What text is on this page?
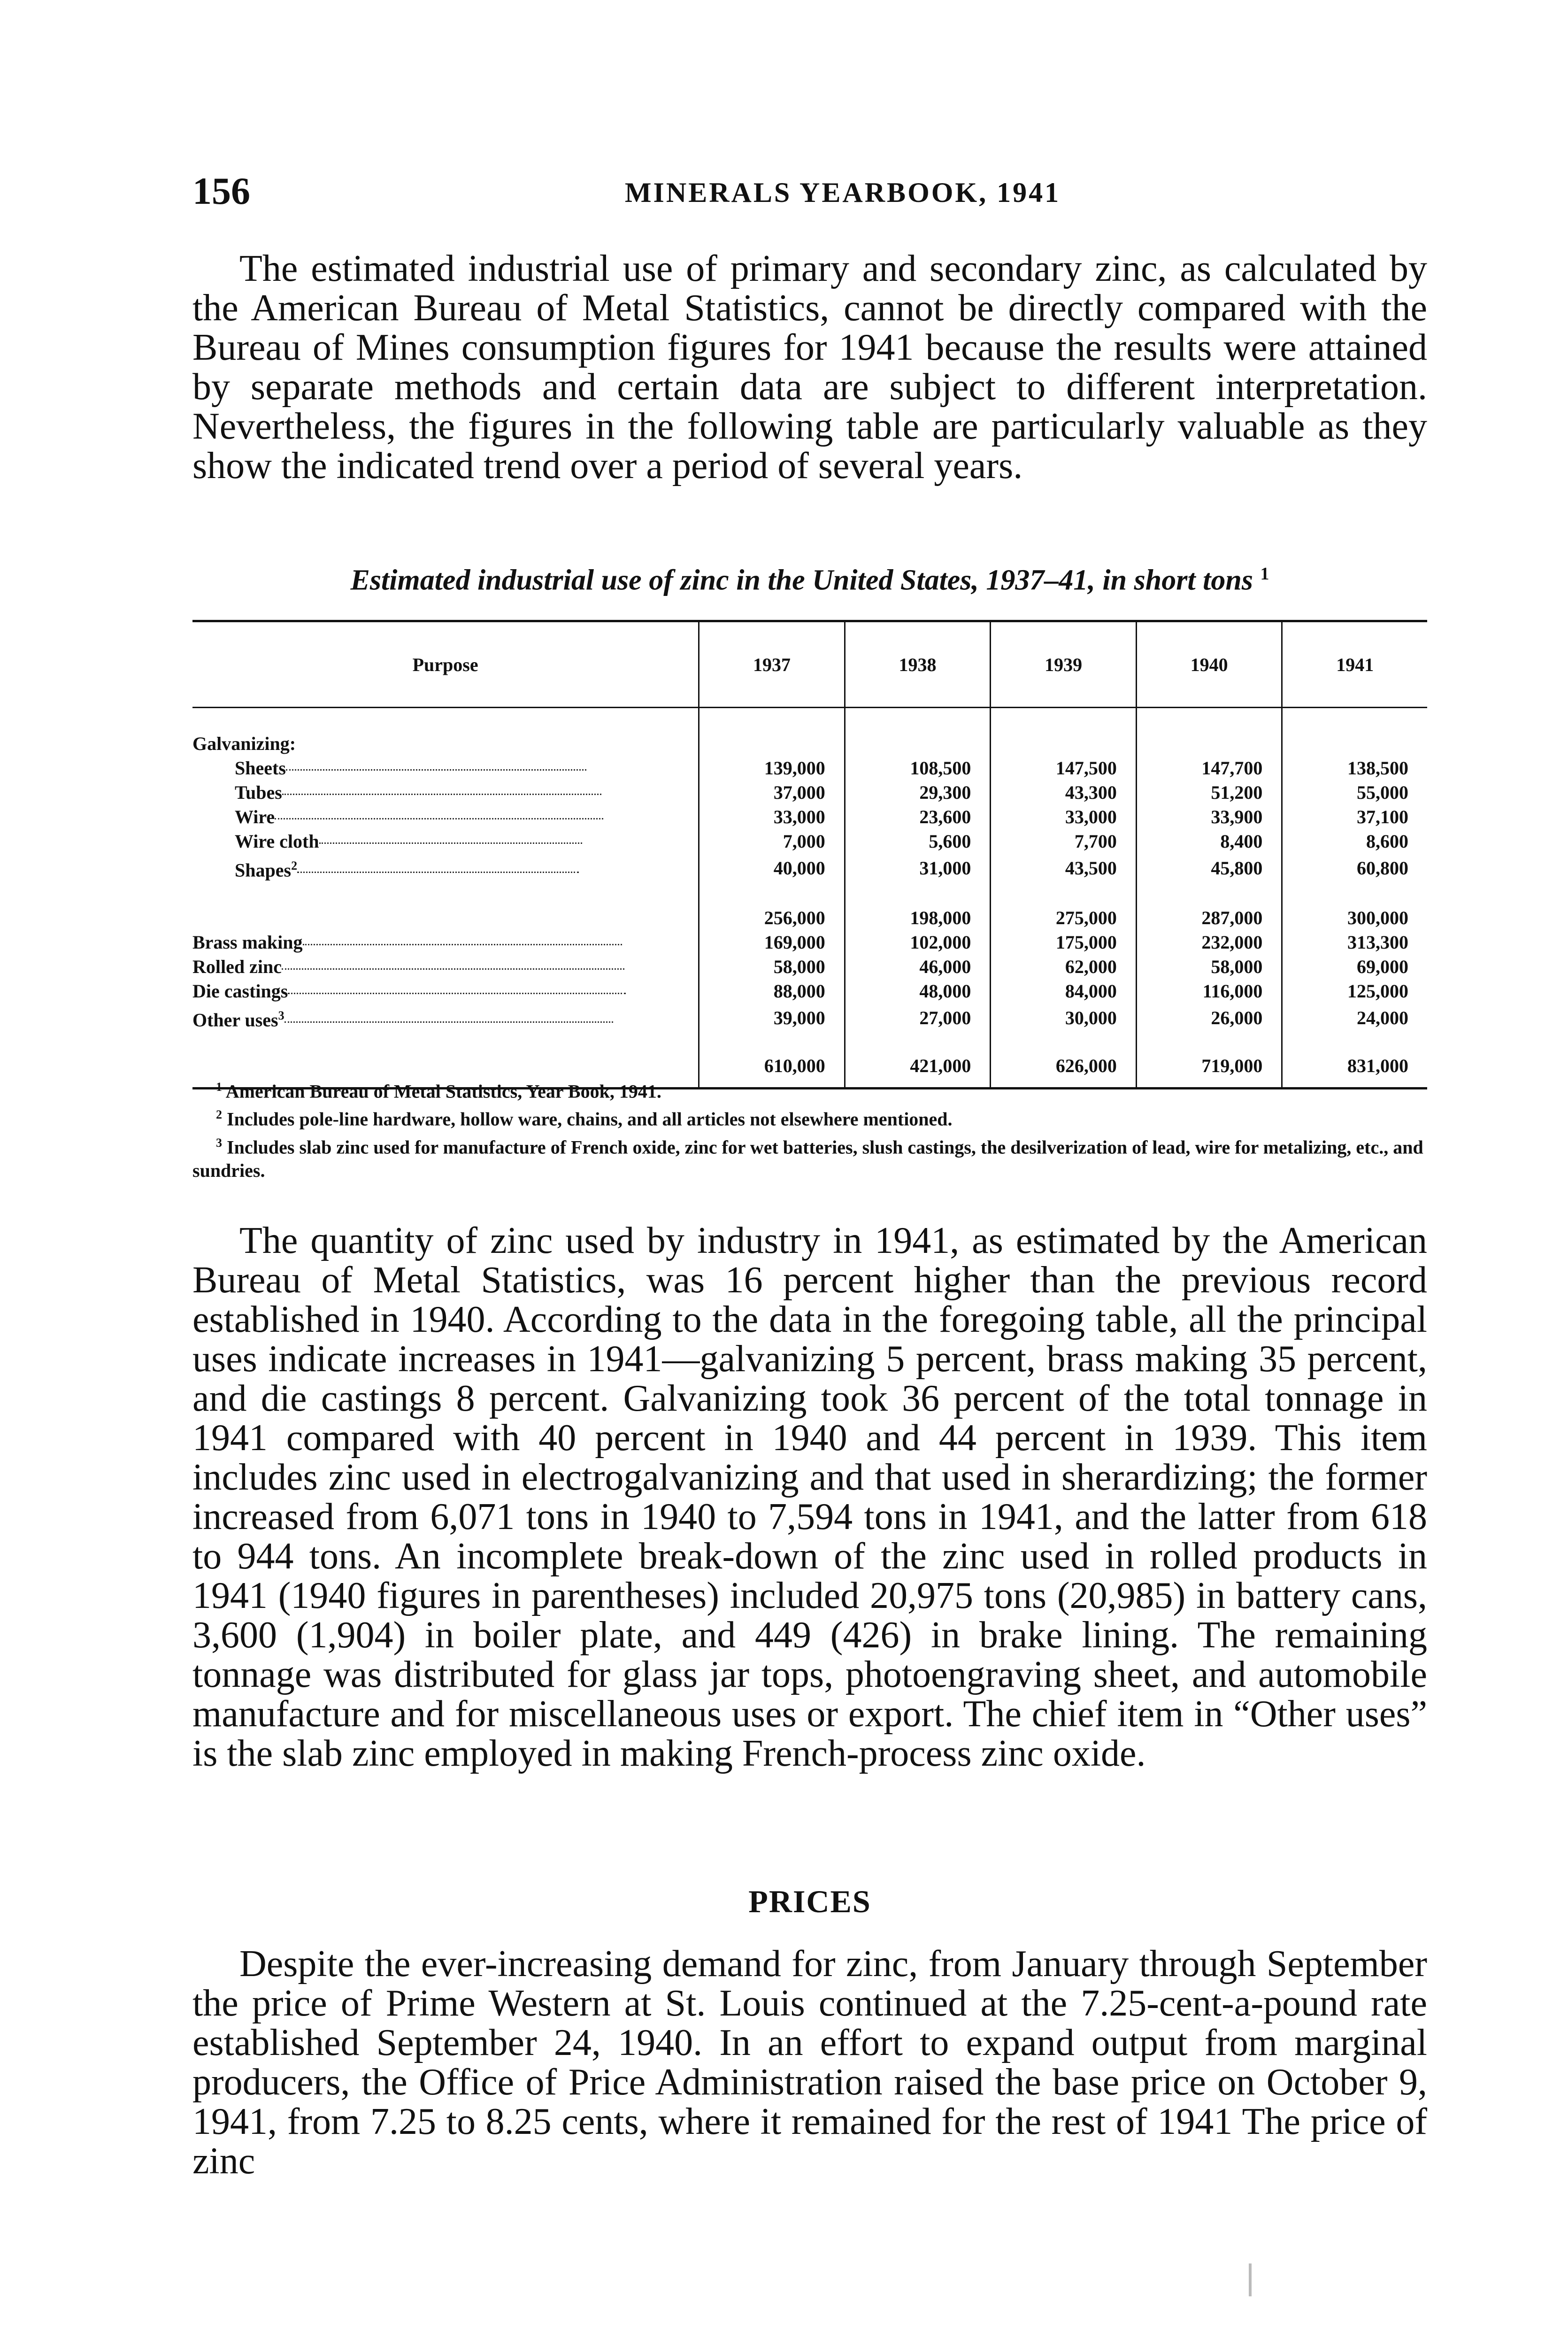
156	MINERALS YEARBOOK, 1941

The estimated industrial use of primary and secondary zinc, as calculated by the American Bureau of Metal Statistics, cannot be directly compared with the Bureau of Mines consumption figures for 1941 because the results were attained by separate methods and certain data are subject to different interpretation. Nevertheless, the figures in the following table are particularly valuable as they show the indicated trend over a period of several years.

Estimated industrial use of zinc in the United States, 1937–41, in short tons $^1$
Purpose	1937	1938	1939	1940	1941

Galvanizing:					
Sheets	139,000	108,500	147,500	147,700	138,500
Tubes	37,000	29,300	43,300	51,200	55,000
Wire	33,000	23,600	33,000	33,900	37,100
Wire cloth	7,000	5,600	7,700	8,400	8,600
Shapes$^2$	40,000	31,000	43,500	45,800	60,800

	256,000	198,000	275,000	287,000	300,000
Brass making	169,000	102,000	175,000	232,000	313,300
Rolled zinc	58,000	46,000	62,000	58,000	69,000
Die castings	88,000	48,000	84,000	116,000	125,000
Other uses$^3$	39,000	27,000	30,000	26,000	24,000

	610,000	421,000	626,000	719,000	831,000

$^1$ American Bureau of Metal Statistics, Year Book, 1941.

$^2$ Includes pole-line hardware, hollow ware, chains, and all articles not elsewhere mentioned.

$^3$ Includes slab zinc used for manufacture of French oxide, zinc for wet batteries, slush castings, the desilverization of lead, wire for metalizing, etc., and sundries.

The quantity of zinc used by industry in 1941, as estimated by the American Bureau of Metal Statistics, was 16 percent higher than the previous record established in 1940. According to the data in the foregoing table, all the principal uses indicate increases in 1941—galvanizing 5 percent, brass making 35 percent, and die castings 8 percent. Galvanizing took 36 percent of the total tonnage in 1941 compared with 40 percent in 1940 and 44 percent in 1939. This item includes zinc used in electrogalvanizing and that used in sherardizing; the former increased from 6,071 tons in 1940 to 7,594 tons in 1941, and the latter from 618 to 944 tons. An incomplete break-down of the zinc used in rolled products in 1941 (1940 figures in parentheses) included 20,975 tons (20,985) in battery cans, 3,600 (1,904) in boiler plate, and 449 (426) in brake lining. The remaining tonnage was distributed for glass jar tops, photoengraving sheet, and automobile manufacture and for miscellaneous uses or export. The chief item in “Other uses” is the slab zinc employed in making French-process zinc oxide.

PRICES

Despite the ever-increasing demand for zinc, from January through September the price of Prime Western at St. Louis continued at the 7.25-cent-a-pound rate established September 24, 1940. In an effort to expand output from marginal producers, the Office of Price Administration raised the base price on October 9, 1941, from 7.25 to 8.25 cents, where it remained for the rest of 1941 The price of zinc
